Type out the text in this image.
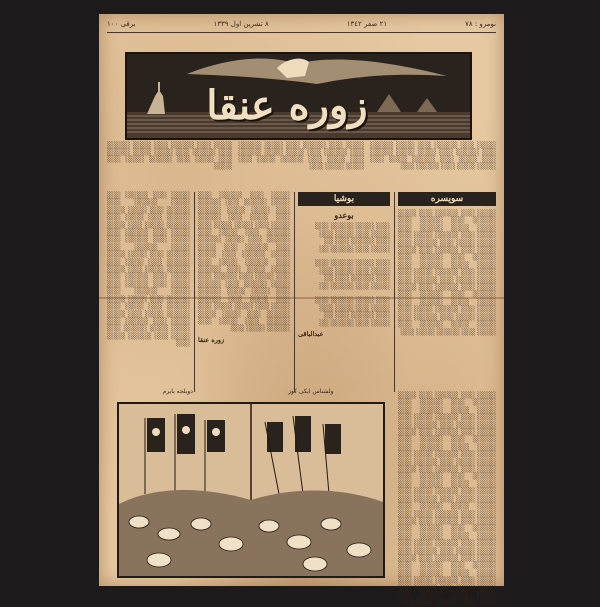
نومرو : ٧٨
٢١ صفر ١٣٤٢
٨ تشرين اول ١٣٣٩
برقى ۱۰۰
زوره عنقا
░░░░ ░░░ ░░░░░ ░░░ ░░░░ ░░░░░ ░░░ ░░░░░ ░░░ ░░░░ ░░░░ ░░░░░ ░░░ ░░░░ ░░░ ░░░░░ ░░░░ ░░░ ░░░░ ░░░░ ░░░ ░░░░░ ░░░
░░░░ ░░░ ░░░░░ ░░░ ░░░░ ░░░░░ ░░░ ░░░░░ ░░░ ░░░░ ░░░░ ░░░░░ ░░░ ░░░░ ░░░ ░░░░░ ░░░░ ░░░ ░░░░ ░░░░ ░░░
░░░░ ░░░ ░░░░░ ░░░ ░░░░ ░░░░░ ░░░ ░░░░░ ░░░ ░░░░ ░░░░ ░░░░░ ░░░ ░░░░ ░░░ ░░░░░ ░░░░ ░░░ ░░░░
سويسره
░░░░ ░░░ ░░░░░ ░░░ ░░░░ ░░░░░ ░░░ ░░░░░ ░░░ ░░░░ ░░░░ ░░░░░ ░░░ ░░░░ ░░░ ░░░░░ ░░░░ ░░░ ░░░░ ░░░░ ░░░ ░░░░░ ░░░ ░░░░ ░░░ ░░░░░ ░░░ ░░░░ ░░░░░ ░░░ ░░░░░ ░░░ ░░░░ ░░░░ ░░░░░ ░░░ ░░░░ ░░░ ░░░░░ ░░░░ ░░░ ░░░░ ░░░░ ░░░ ░░░░░ ░░░ ░░░░ ░░░ ░░░░░ ░░░ ░░░░ ░░░░░ ░░░ ░░░░░ ░░░ ░░░░ ░░░░ ░░░░░ ░░░ ░░░░ ░░░ ░░░░░ ░░░░ ░░░ ░░░░ ░░░░ ░░░ ░░░░░ ░░░ ░░░░ ░░░░ ░░░░░ ░░░ ░░░░ ░░░ ░░░░░ ░░░░ ░░░
بوشيا
بوعدو
░░░ ░░░░ ░░░░░ ░░░
░░░░ ░░░ ░░░░ ░░░
░░░ ░░░░░ ░░░ ░░
░░░░ ░░░ ░░░░░ ░░

░░░ ░░░░ ░░░░░ ░░░
░░░░ ░░░ ░░░░ ░░░
░░░ ░░░░░ ░░░ ░░
░░░░ ░░░ ░░░░░ ░░

░░░ ░░░░ ░░░░░ ░░░
░░░░ ░░░ ░░░░ ░░░
░░░ ░░░░░ ░░░ ░░
░░░░ ░░░ ░░░░░ ░░
عبدالباقى
░░░░ ░░░ ░░░░░ ░░░ ░░░░ ░░░░░ ░░░ ░░░░░ ░░░ ░░░░ ░░░░ ░░░░░ ░░░ ░░░░ ░░░ ░░░░░ ░░░░ ░░░ ░░░░ ░░░░ ░░░ ░░░░░ ░░░ ░░░░ ░░░ ░░░░░ ░░░ ░░░░ ░░░░░ ░░░ ░░░░░ ░░░ ░░░░ ░░░░ ░░░░░ ░░░ ░░░░ ░░░ ░░░░░ ░░░░ ░░░ ░░░░ ░░░░ ░░░ ░░░░░ ░░░ ░░░░ ░░░ ░░░░░ ░░░ ░░░░ ░░░░░ ░░░ ░░░░░ ░░░ ░░░░ ░░░░ ░░░░░ ░░░ ░░░░ ░░░ ░░░░░ ░░░░ ░░░ ░░░░ ░░░░ ░░░ ░░░░░ ░░░ ░░░░ ░░░░ ░░░░░ ░░░ ░░░░ ░░░ ░░░░░ ░░░░ ░░░
زوره عنقا
░░░░ ░░░ ░░░░░ ░░░ ░░░░ ░░░░░ ░░░ ░░░░░ ░░░ ░░░░ ░░░░ ░░░░░ ░░░ ░░░░ ░░░ ░░░░░ ░░░░ ░░░ ░░░░ ░░░░ ░░░ ░░░░░ ░░░ ░░░░ ░░░ ░░░░░ ░░░ ░░░░ ░░░░░ ░░░ ░░░░░ ░░░ ░░░░ ░░░░ ░░░░░ ░░░ ░░░░ ░░░ ░░░░░ ░░░░ ░░░ ░░░░ ░░░░ ░░░ ░░░░░ ░░░ ░░░░ ░░░ ░░░░░ ░░░ ░░░░ ░░░░░ ░░░ ░░░░░ ░░░ ░░░░ ░░░░ ░░░░░ ░░░ ░░░░ ░░░ ░░░░░ ░░░░ ░░░ ░░░░ ░░░░ ░░░ ░░░░░ ░░░ ░░░░ ░░░░ ░░░░░ ░░░ ░░░░ ░░░ ░░░░░ ░░░░ ░░░
░░░░ ░░░ ░░░░░ ░░░ ░░░░ ░░░░░ ░░░ ░░░░░ ░░░ ░░░░ ░░░░ ░░░░░ ░░░ ░░░░ ░░░ ░░░░░ ░░░░ ░░░ ░░░░ ░░░░ ░░░ ░░░░░ ░░░ ░░░░ ░░░ ░░░░░ ░░░ ░░░░ ░░░░░ ░░░ ░░░░░ ░░░ ░░░░ ░░░░ ░░░░░ ░░░ ░░░░ ░░░ ░░░░░ ░░░░ ░░░ ░░░░ ░░░░ ░░░ ░░░░░ ░░░ ░░░░ ░░░ ░░░░░ ░░░ ░░░░ ░░░░░ ░░░ ░░░░░ ░░░ ░░░░ ░░░░ ░░░░░ ░░░ ░░░░ ░░░ ░░░░░ ░░░░ ░░░ ░░░░ ░░░░ ░░░ ░░░░░ ░░░ ░░░░ ░░░░ ░░░░░ ░░░ ░░░░ ░░░ ░░░░░ ░░░░ ░░░ ░░░░ ░░░ ░░░░░ ░░░ ░░░░ ░░░░░ ░░░ ░░░░░ ░░░ ░░░░ ░░░░ ░░░░░ ░░░ ░░░░ ░░░ ░░░░░ ░░░░ ░░░ ░░░░ ░░░░ ░░░ ░░░░░ ░░░ ░░░░ ░░░ ░░░░░ ░░░ ░░░░ ░░░░░ ░░░ ░░░░░ ░░░ ░░░░ ░░░░ ░░░░░ ░░░ ░░░░ ░░░ ░░░░░ ░░░░ ░░░ ░░░░ ░░░░ ░░░ ░░░░░ ░░░ ░░░░ ░░░░ ░░░░░ ░░░ ░░░░ ░░░ ░░░░░ ░░░░ ░░░
ولشناس ایکی کوز
دويلجه بايرم
